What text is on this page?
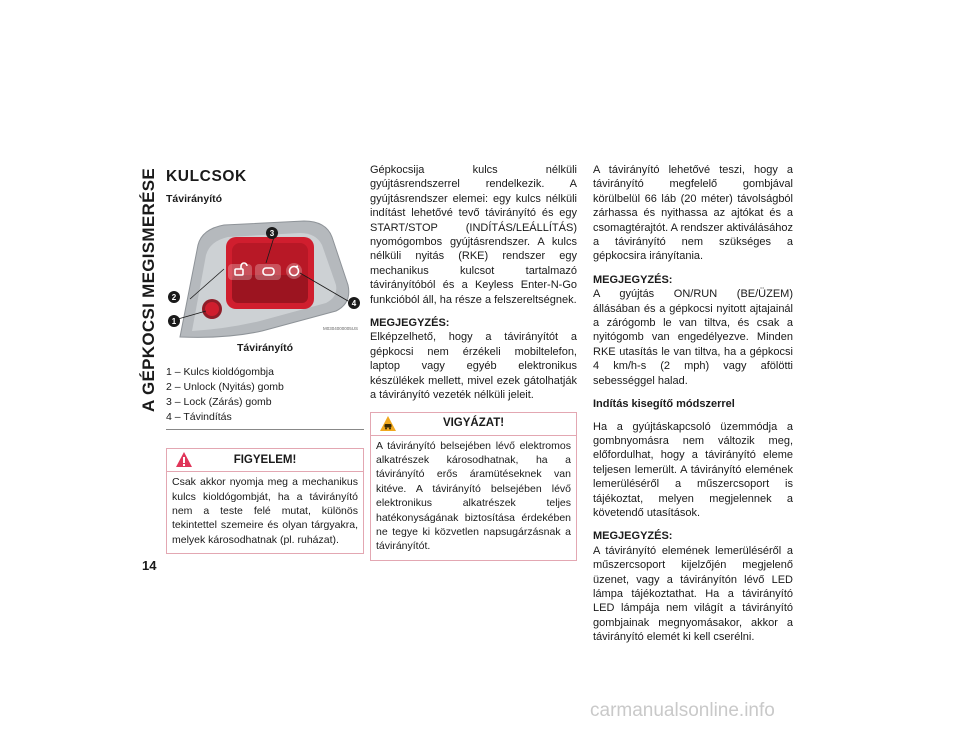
A GÉPKOCSI MEGISMERÉSE
14
KULCSOK
Távirányító
1
2
3
4
M0304000005US
Távirányító
1 – Kulcs kioldógombja
2 – Unlock (Nyitás) gomb
3 – Lock (Zárás) gomb
4 – Távindítás
FIGYELEM!
Csak akkor nyomja meg a mechanikus kulcs kioldógombját, ha a távirányító nem a teste felé mutat, különös tekintettel szemeire és olyan tárgyakra, melyek károsodhatnak (pl. ruházat).

Gépkocsija kulcs nélküli gyújtásrendszerrel rendelkezik. A gyújtásrendszer elemei: egy kulcs nélküli indítást lehetővé tevő távirányító és egy START/STOP (INDÍTÁS/LEÁLLÍTÁS) nyomógombos gyújtásrendszer. A kulcs nélküli nyitás (RKE) rendszer egy mechanikus kulcsot tartalmazó távirányítóból és a Keyless Enter-N-Go funkcióból áll, ha része a felszereltségnek.

MEGJEGYZÉS:

Elképzelhető, hogy a távirányítót a gépkocsi nem érzékeli mobiltelefon, laptop vagy egyéb elektronikus készülékek mellett, mivel ezek gátolhatják a távirányító vezeték nélküli jeleit.

VIGYÁZAT!
A távirányító belsejében lévő elektromos alkatrészek károsodhatnak, ha a távirányító erős áramütéseknek van kitéve. A távirányító belsejében lévő elektronikus alkatrészek teljes hatékonyságának biztosítása érdekében ne tegye ki közvetlen napsugárzásnak a távirányítót.

A távirányító lehetővé teszi, hogy a távirányító megfelelő gombjával körülbelül 66 láb (20 méter) távolságból zárhassa és nyithassa az ajtókat és a csomagtérajtót. A rendszer aktiválásához a távirányító nem szükséges a gépkocsira irányítania.

MEGJEGYZÉS:

A gyújtás ON/RUN (BE/ÜZEM) állásában és a gépkocsi nyitott ajtajainál a zárógomb le van tiltva, és csak a nyitógomb van engedélyezve. Minden RKE utasítás le van tiltva, ha a gépkocsi 4 km/h-s (2 mph) vagy afölötti sebességgel halad.

Indítás kisegítő módszerrel

Ha a gyújtáskapcsoló üzemmódja a gombnyomásra nem változik meg, előfordulhat, hogy a távirányító eleme teljesen lemerült. A távirányító elemének lemerüléséről a műszercsoport is tájékoztat, melyen megjelennek a követendő utasítások.

MEGJEGYZÉS:

A távirányító elemének lemerüléséről a műszercsoport kijelzőjén megjelenő üzenet, vagy a távirányítón lévő LED lámpa tájékoztathat. Ha a távirányító LED lámpája nem világít a távirányító gombjainak megnyomásakor, akkor a távirányító elemét ki kell cserélni.

carmanualsonline.info
